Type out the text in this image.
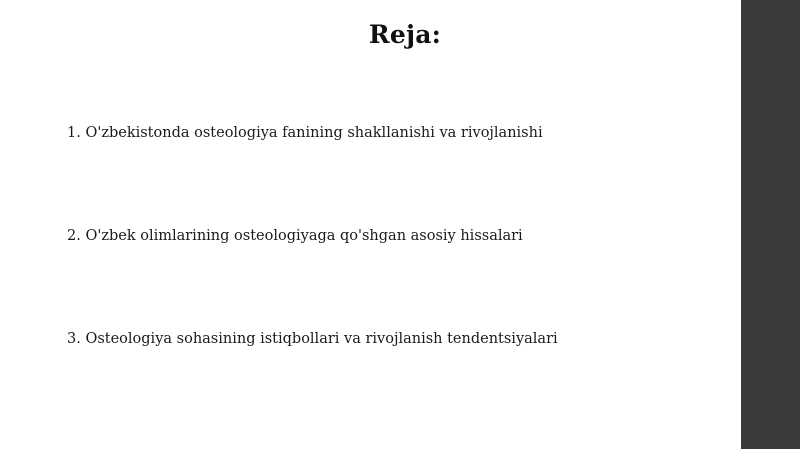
Reja:
1. O'zbekistonda osteologiya fanining shakllanishi va rivojlanishi
2. O'zbek olimlarining osteologiyaga qo'shgan asosiy hissalari
3. Osteologiya sohasining istiqbollari va rivojlanish tendentsiyalari
